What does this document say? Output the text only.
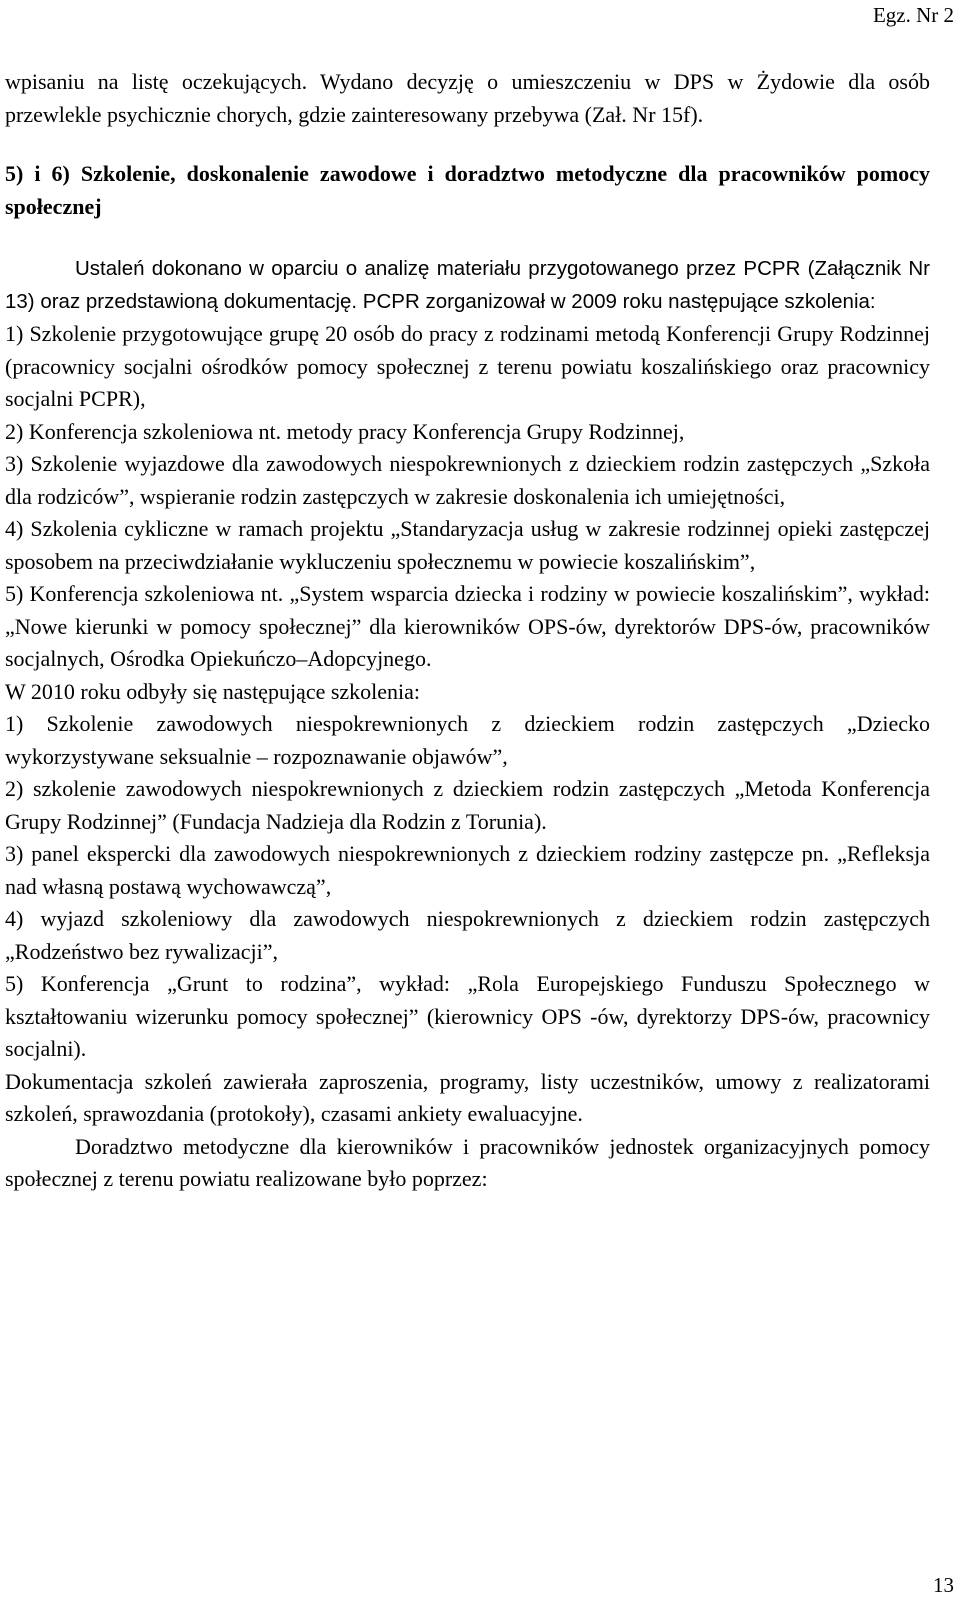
Egz. Nr 2

wpisaniu na listę oczekujących. Wydano decyzję o umieszczeniu w DPS w Żydowie dla osób przewlekle psychicznie chorych, gdzie zainteresowany przebywa (Zał. Nr 15f).

5) i 6) Szkolenie, doskonalenie zawodowe i doradztwo metodyczne dla pracowników pomocy społecznej

Ustaleń dokonano w oparciu o analizę materiału przygotowanego przez PCPR (Załącznik Nr 13) oraz przedstawioną dokumentację. PCPR zorganizował w 2009 roku następujące szkolenia:

1) Szkolenie przygotowujące grupę 20 osób do pracy z rodzinami metodą Konferencji Grupy Rodzinnej (pracownicy socjalni ośrodków pomocy społecznej z terenu powiatu koszalińskiego oraz pracownicy socjalni PCPR),

2) Konferencja szkoleniowa nt. metody pracy Konferencja Grupy Rodzinnej,

3) Szkolenie wyjazdowe dla zawodowych niespokrewnionych z dzieckiem rodzin zastępczych „Szkoła dla rodziców”, wspieranie rodzin zastępczych w zakresie doskonalenia ich umiejętności,

4) Szkolenia cykliczne w ramach projektu „Standaryzacja usług w zakresie rodzinnej opieki zastępczej sposobem na przeciwdziałanie wykluczeniu społecznemu w powiecie koszalińskim”,

5) Konferencja szkoleniowa nt. „System wsparcia dziecka i rodziny w powiecie koszalińskim”, wykład: „Nowe kierunki w pomocy społecznej” dla kierowników OPS-ów, dyrektorów DPS-ów, pracowników socjalnych, Ośrodka Opiekuńczo–Adopcyjnego.

W 2010 roku odbyły się następujące szkolenia:

1) Szkolenie zawodowych niespokrewnionych z dzieckiem rodzin zastępczych „Dziecko wykorzystywane seksualnie – rozpoznawanie objawów”,

2) szkolenie zawodowych niespokrewnionych z dzieckiem rodzin zastępczych „Metoda Konferencja Grupy Rodzinnej” (Fundacja Nadzieja dla Rodzin z Torunia).

3) panel ekspercki dla zawodowych niespokrewnionych z dzieckiem rodziny zastępcze pn. „Refleksja nad własną postawą wychowawczą”,

4) wyjazd szkoleniowy dla zawodowych niespokrewnionych z dzieckiem rodzin zastępczych „Rodzeństwo bez rywalizacji”,

5) Konferencja „Grunt to rodzina”, wykład: „Rola Europejskiego Funduszu Społecznego w kształtowaniu wizerunku pomocy społecznej” (kierownicy OPS -ów, dyrektorzy DPS-ów, pracownicy socjalni).

Dokumentacja szkoleń zawierała zaproszenia, programy, listy uczestników, umowy z realizatorami szkoleń, sprawozdania (protokoły), czasami ankiety ewaluacyjne.

Doradztwo metodyczne dla kierowników i pracowników jednostek organizacyjnych pomocy społecznej z terenu powiatu realizowane było poprzez:

13
